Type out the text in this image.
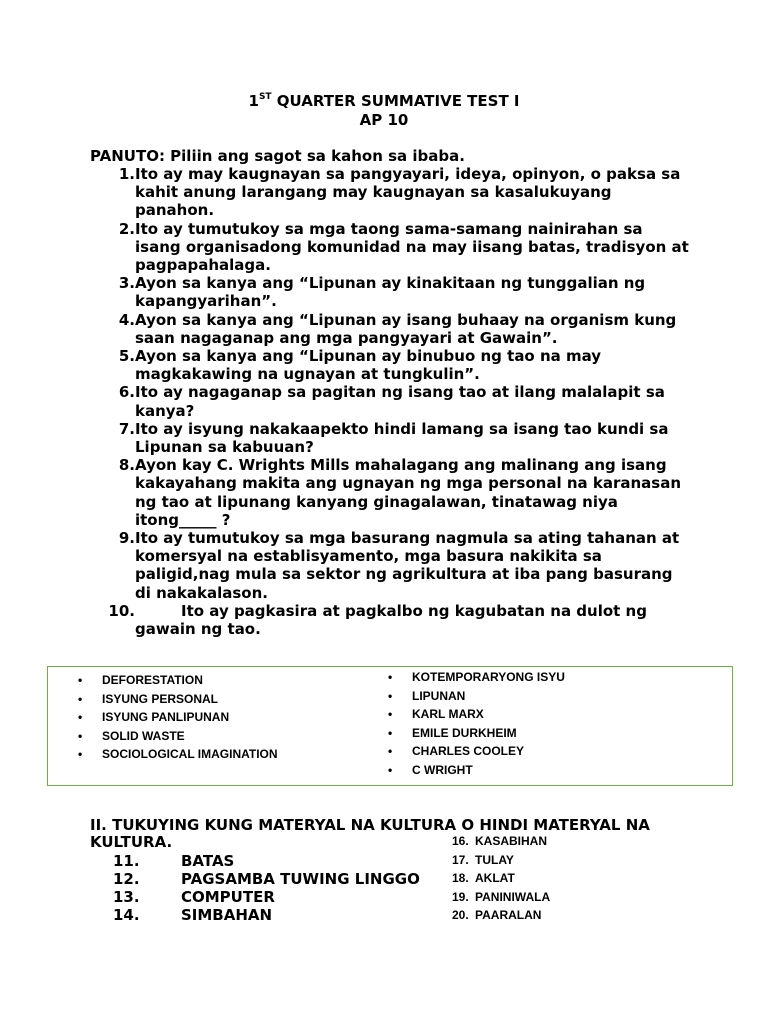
1ST QUARTER SUMMATIVE TEST I
AP 10
PANUTO: Piliin ang sagot sa kahon sa ibaba.
1. Ito ay may kaugnayan sa pangyayari, ideya, opinyon, o paksa sa kahit anung larangang may kaugnayan sa kasalukuyang panahon.
2. Ito ay tumutukoy sa mga taong sama-samang nainirahan sa isang organisadong komunidad na may iisang batas, tradisyon at pagpapahalaga.
3. Ayon sa kanya ang “Lipunan ay kinakitaan ng tunggalian ng kapangyarihan”.
4. Ayon sa kanya ang “Lipunan ay isang buhaay na organism kung saan nagaganap ang mga pangyayari at Gawain”.
5. Ayon sa kanya ang “Lipunan ay binubuo ng tao na may magkakawing na ugnayan at tungkulin”.
6. Ito ay nagaganap sa pagitan ng isang tao at ilang malalapit sa kanya?
7. Ito ay isyung nakakaapekto hindi lamang sa isang tao kundi sa Lipunan sa kabuuan?
8. Ayon kay C. Wrights Mills mahalagang ang malinang ang isang kakayahang makita ang ugnayan ng mga personal na karanasan ng tao at lipunang kanyang ginagalawan, tinatawag niya itong_____ ?
9. Ito ay tumutukoy sa mga basurang nagmula sa ating tahanan at komersyal na establisyamento, mga basura nakikita sa paligid,nag mula sa sektor ng agrikultura at iba pang basurang di nakakalason.
10.	Ito ay pagkasira at pagkalbo ng kagubatan na dulot ng gawain ng tao.
• DEFORESTATION
• ISYUNG PERSONAL
• ISYUNG PANLIPUNAN
• SOLID WASTE
• SOCIOLOGICAL IMAGINATION
• KOTEMPORARYONG ISYU
• LIPUNAN
• KARL MARX
• EMILE DURKHEIM
• CHARLES COOLEY
• C WRIGHT
II. TUKUYING KUNG MATERYAL NA KULTURA O HINDI MATERYAL NA KULTURA.
11.	BATAS
12.	PAGSAMBA TUWING LINGGO
13.	COMPUTER
14.	SIMBAHAN
16. KASABIHAN
17. TULAY
18. AKLAT
19. PANINIWALA
20. PAARALAN
